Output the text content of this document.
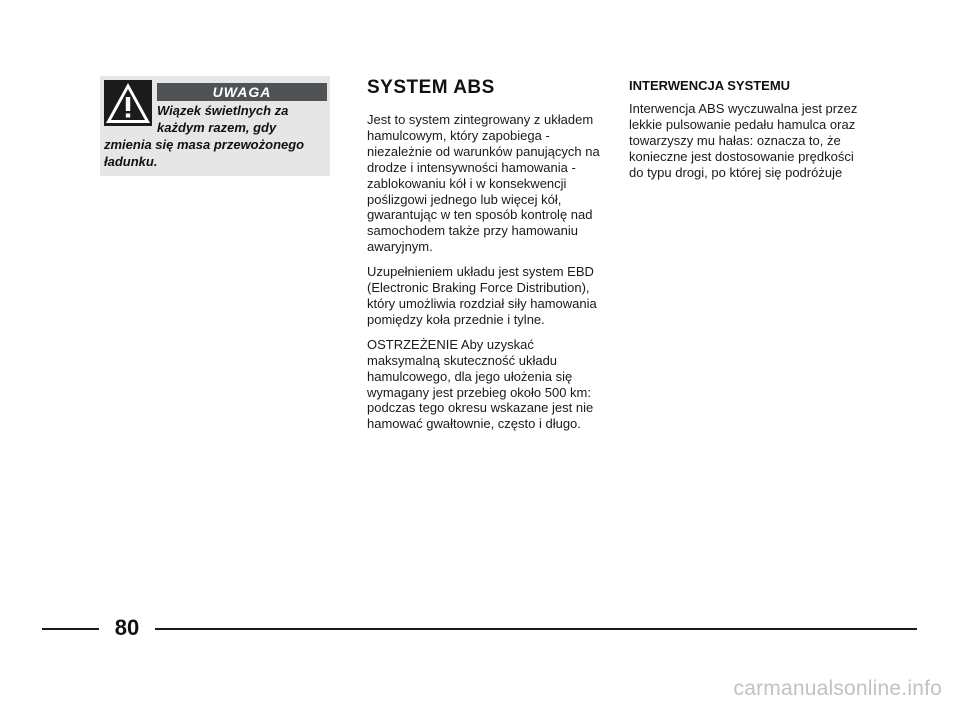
UWAGA

Wiązek świetlnych za każdym razem, gdy zmienia się masa przewożonego ładunku.

SYSTEM ABS

Jest to system zintegrowany z układem hamulcowym, który zapobiega - niezależnie od warunków panujących na drodze i intensywności hamowania - zablokowaniu kół i w konsekwencji poślizgowi jednego lub więcej kół, gwarantując w ten sposób kontrolę nad samochodem także przy hamowaniu awaryjnym.

Uzupełnieniem układu jest system EBD (Electronic Braking Force Distribution), który umożliwia rozdział siły hamowania pomiędzy koła przednie i tylne.

OSTRZEŻENIE Aby uzyskać maksymalną skuteczność układu hamulcowego, dla jego ułożenia się wymagany jest przebieg około 500 km: podczas tego okresu wskazane jest nie hamować gwałtownie, często i długo.

INTERWENCJA SYSTEMU

Interwencja ABS wyczuwalna jest przez lekkie pulsowanie pedału hamulca oraz towarzyszy mu hałas: oznacza to, że konieczne jest dostosowanie prędkości do typu drogi, po której się podróżuje

80
carmanualsonline.info
